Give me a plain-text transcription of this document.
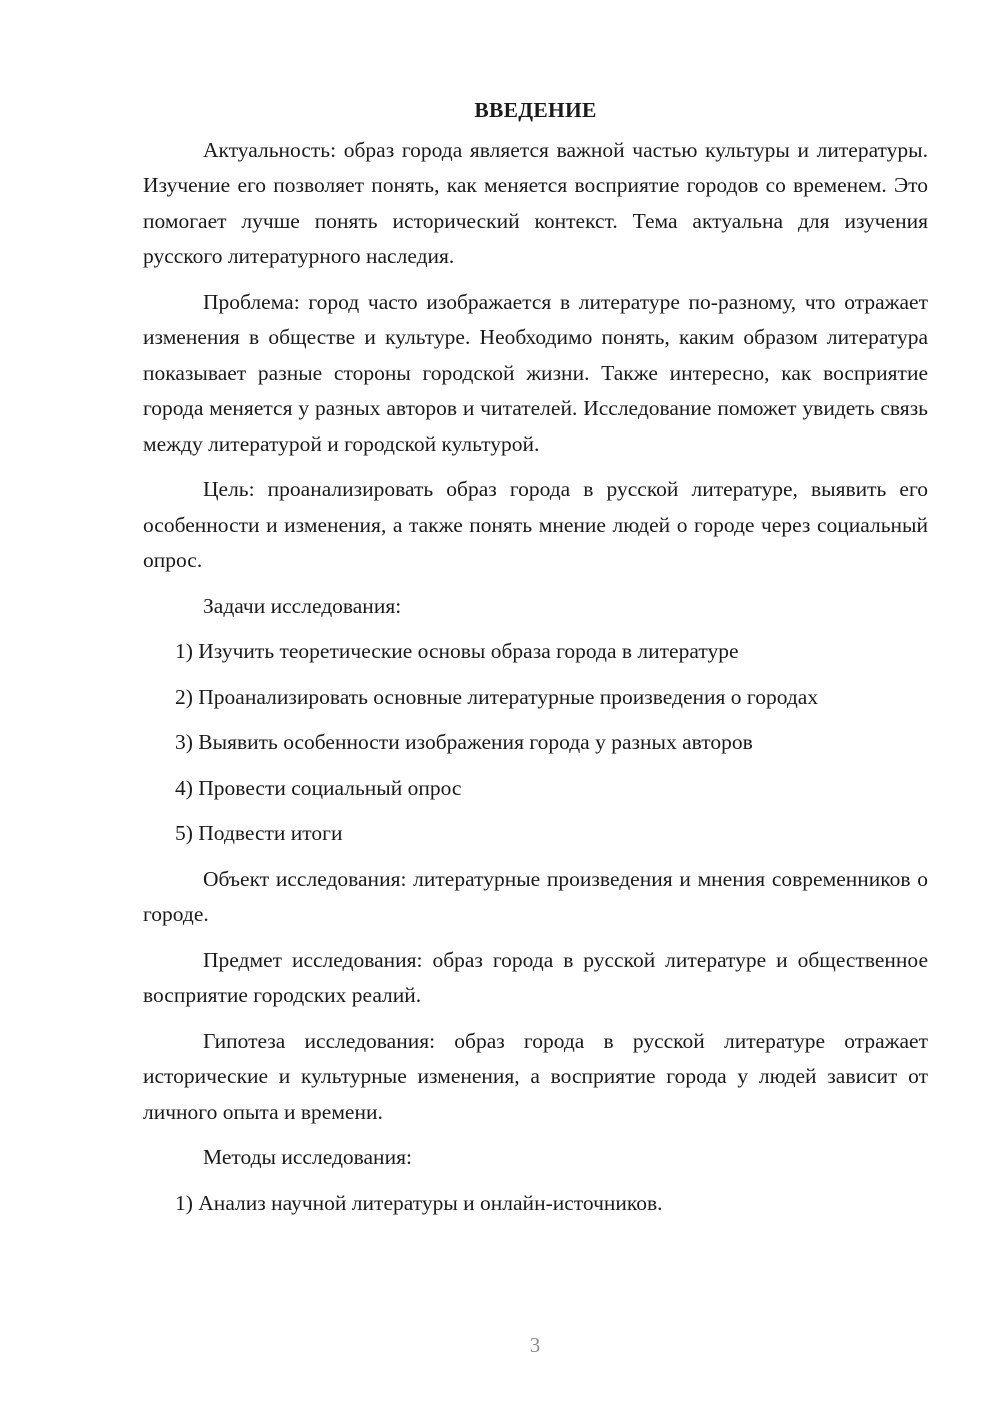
ВВЕДЕНИЕ

Актуальность: образ города является важной частью культуры и литературы. Изучение его позволяет понять, как меняется восприятие городов со временем. Это помогает лучше понять исторический контекст. Тема актуальна для изучения русского литературного наследия.

Проблема: город часто изображается в литературе по-разному, что отражает изменения в обществе и культуре. Необходимо понять, каким образом литература показывает разные стороны городской жизни. Также интересно, как восприятие города меняется у разных авторов и читателей. Исследование поможет увидеть связь между литературой и городской культурой.

Цель: проанализировать образ города в русской литературе, выявить его особенности и изменения, а также понять мнение людей о городе через социальный опрос.

Задачи исследования:
1) Изучить теоретические основы образа города в литературе
2) Проанализировать основные литературные произведения о городах
3) Выявить особенности изображения города у разных авторов
4) Провести социальный опрос
5) Подвести итоги

Объект исследования: литературные произведения и мнения современников о городе.

Предмет исследования: образ города в русской литературе и общественное восприятие городских реалий.

Гипотеза исследования: образ города в русской литературе отражает исторические и культурные изменения, а восприятие города у людей зависит от личного опыта и времени.

Методы исследования:
1) Анализ научной литературы и онлайн-источников.
3
